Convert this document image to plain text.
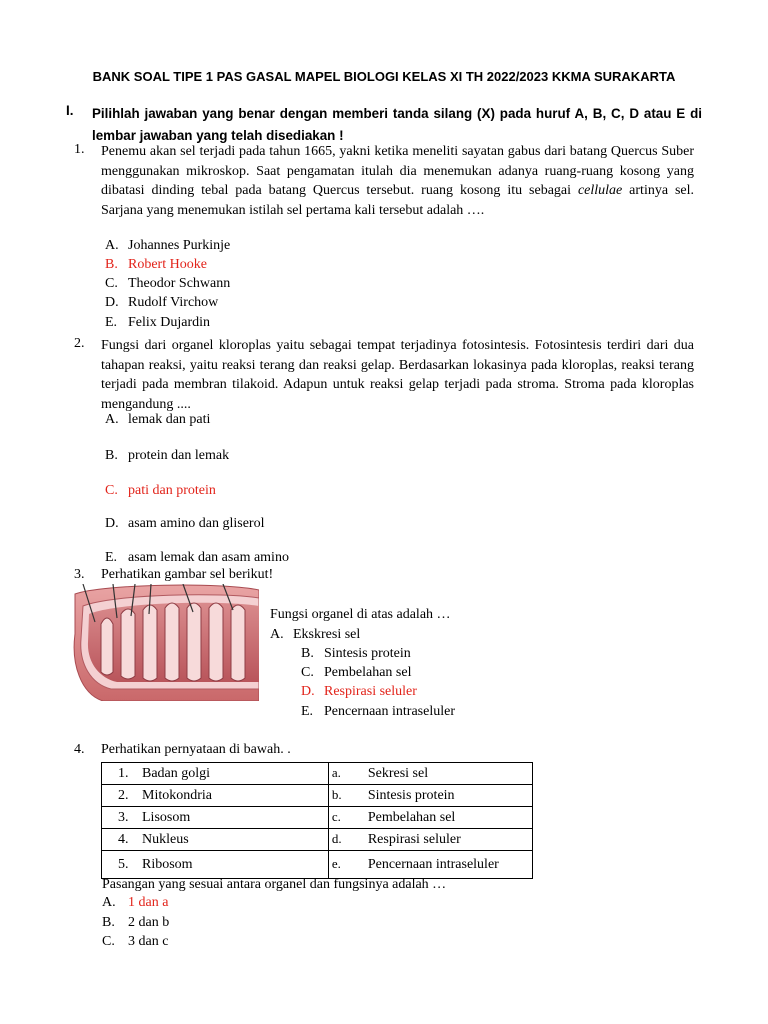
BANK SOAL TIPE 1 PAS GASAL MAPEL BIOLOGI KELAS XI TH 2022/2023 KKMA SURAKARTA
I. Pilihlah jawaban yang benar dengan memberi tanda silang (X) pada huruf A, B, C, D atau E di lembar jawaban yang telah disediakan !
1. Penemu akan sel terjadi pada tahun 1665, yakni ketika meneliti sayatan gabus dari batang Quercus Suber menggunakan mikroskop. Saat pengamatan itulah dia menemukan adanya ruang-ruang kosong yang dibatasi dinding tebal pada batang Quercus tersebut. ruang kosong itu sebagai cellulae artinya sel. Sarjana yang menemukan istilah sel pertama kali tersebut adalah ….
A. Johannes Purkinje
B. Robert Hooke
C. Theodor Schwann
D. Rudolf Virchow
E. Felix Dujardin
2. Fungsi dari organel kloroplas yaitu sebagai tempat terjadinya fotosintesis. Fotosintesis terdiri dari dua tahapan reaksi, yaitu reaksi terang dan reaksi gelap. Berdasarkan lokasinya pada kloroplas, reaksi terang terjadi pada membran tilakoid. Adapun untuk reaksi gelap terjadi pada stroma. Stroma pada kloroplas mengandung ....
A. lemak dan pati
B. protein dan lemak
C. pati dan protein
D. asam amino dan gliserol
E. asam lemak dan asam amino
3. Perhatikan gambar sel berikut!
Fungsi organel di atas adalah …
A. Ekskresi sel
B. Sintesis protein
C. Pembelahan sel
D. Respirasi seluler
E. Pencernaan intraseluler
4. Perhatikan pernyataan di bawah. .
1. Badan golgi	a. Sekresi sel
2. Mitokondria	b. Sintesis protein
3. Lisosom	c. Pembelahan sel
4. Nukleus	d. Respirasi seluler
5. Ribosom	e. Pencernaan intraseluler
Pasangan yang sesuai antara organel dan fungsinya adalah …
A. 1 dan a
B. 2 dan b
C. 3 dan c
